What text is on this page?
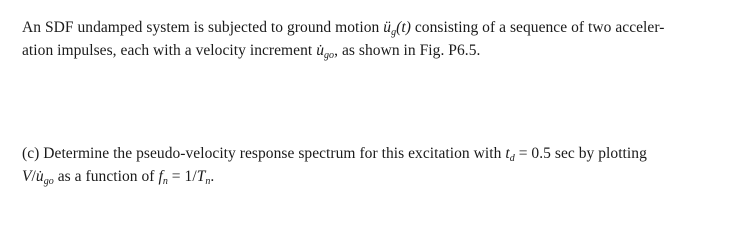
An SDF undamped system is subjected to ground motion $ü_g(t)$ consisting of a sequence of two acceler-
ation impulses, each with a velocity increment $u̇_{go}$, as shown in Fig. P6.5.
(c) Determine the pseudo-velocity response spectrum for this excitation with $t_d = 0.5$ sec by plotting
$V/u̇_{go}$ as a function of $f_n = 1/T_n$.
